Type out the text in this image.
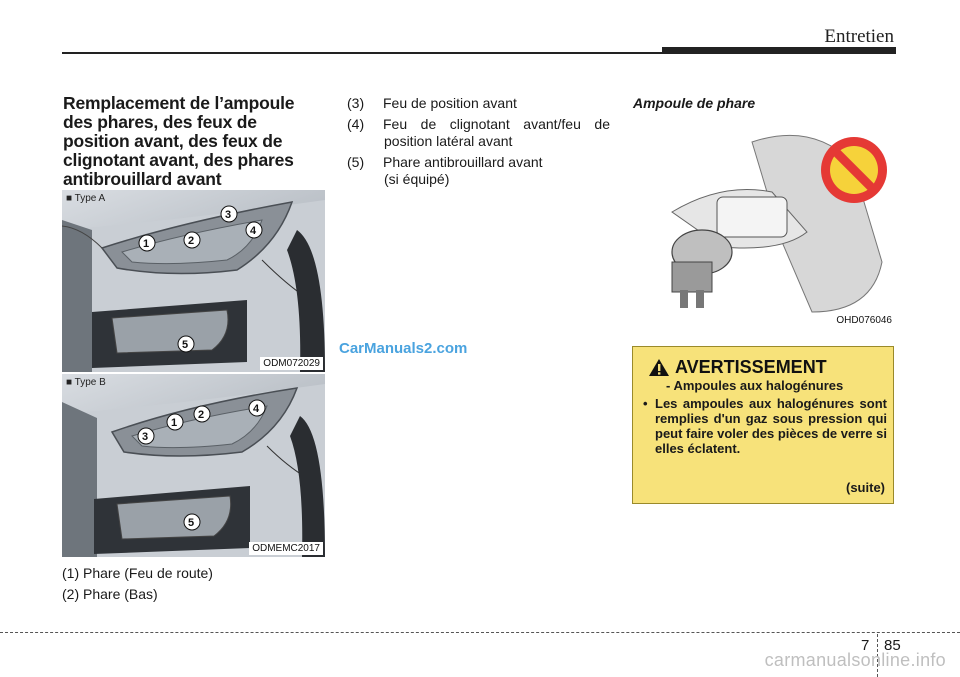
Entretien
Remplacement de l’ampoule des phares, des feux de position avant, des feux de clignotant avant, des phares antibrouillard avant
1	2
3
4
5
■ Type A
ODM072029
3
1
2	4
5
■ Type B
ODMEMC2017
(1) Phare (Feu de route)
(2) Phare (Bas)
(3) Feu de position avant
(4) Feu de clignotant avant/feu de
position latéral avant
(5) Phare antibrouillard avant
(si équipé)
Ampoule de phare
OHD076046
AVERTISSEMENT
- Ampoules aux halogénures
• Les ampoules aux halogénures sont remplies d'un gaz sous pression qui peut faire voler des pièces de verre si elles éclatent.
(suite)
CarManuals2.com
7 85
carmanualsonline.info
